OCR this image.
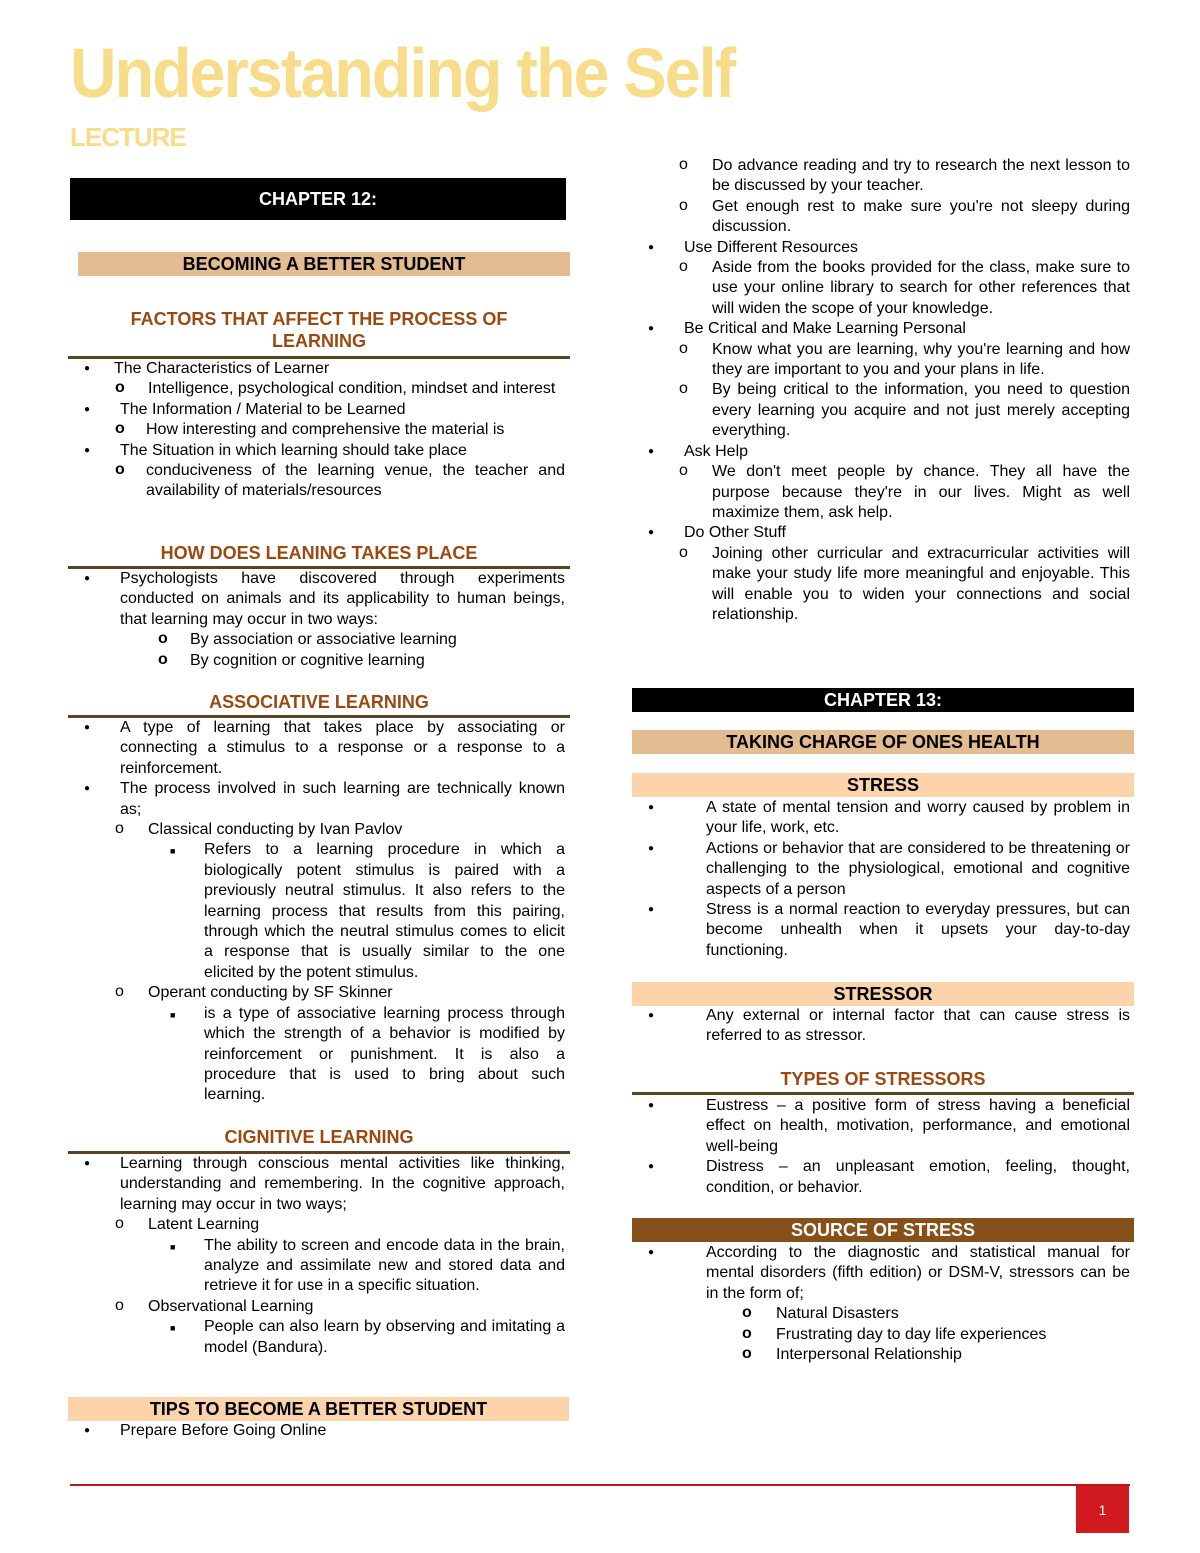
Understanding the Self
LECTURE
CHAPTER 12:
BECOMING A BETTER STUDENT
FACTORS THAT AFFECT THE PROCESS OF LEARNING
● The Characteristics of Learner
o Intelligence, psychological condition, mindset and interest
● The Information / Material to be Learned
o How interesting and comprehensive the material is
● The Situation in which learning should take place
o conduciveness of the learning venue, the teacher and availability of materials/resources
HOW DOES LEANING TAKES PLACE
● Psychologists have discovered through experiments conducted on animals and its applicability to human beings, that learning may occur in two ways:
o By association or associative learning
o By cognition or cognitive learning
ASSOCIATIVE LEARNING
● A type of learning that takes place by associating or connecting a stimulus to a response or a response to a reinforcement.
● The process involved in such learning are technically known as;
o Classical conducting by Ivan Pavlov
■ Refers to a learning procedure in which a biologically potent stimulus is paired with a previously neutral stimulus. It also refers to the learning process that results from this pairing, through which the neutral stimulus comes to elicit a response that is usually similar to the one elicited by the potent stimulus.
o Operant conducting by SF Skinner
■ is a type of associative learning process through which the strength of a behavior is modified by reinforcement or punishment. It is also a procedure that is used to bring about such learning.
CIGNITIVE LEARNING
● Learning through conscious mental activities like thinking, understanding and remembering. In the cognitive approach, learning may occur in two ways;
o Latent Learning
■ The ability to screen and encode data in the brain, analyze and assimilate new and stored data and retrieve it for use in a specific situation.
o Observational Learning
■ People can also learn by observing and imitating a model (Bandura).
TIPS TO BECOME A BETTER STUDENT
● Prepare Before Going Online
o Do advance reading and try to research the next lesson to be discussed by your teacher.
o Get enough rest to make sure you're not sleepy during discussion.
● Use Different Resources
o Aside from the books provided for the class, make sure to use your online library to search for other references that will widen the scope of your knowledge.
● Be Critical and Make Learning Personal
o Know what you are learning, why you're learning and how they are important to you and your plans in life.
o By being critical to the information, you need to question every learning you acquire and not just merely accepting everything.
● Ask Help
o We don't meet people by chance. They all have the purpose because they're in our lives. Might as well maximize them, ask help.
● Do Other Stuff
o Joining other curricular and extracurricular activities will make your study life more meaningful and enjoyable. This will enable you to widen your connections and social relationship.
CHAPTER 13:
TAKING CHARGE OF ONES HEALTH
STRESS
● A state of mental tension and worry caused by problem in your life, work, etc.
● Actions or behavior that are considered to be threatening or challenging to the physiological, emotional and cognitive aspects of a person
● Stress is a normal reaction to everyday pressures, but can become unhealth when it upsets your day-to-day functioning.
STRESSOR
● Any external or internal factor that can cause stress is referred to as stressor.
TYPES OF STRESSORS
● Eustress – a positive form of stress having a beneficial effect on health, motivation, performance, and emotional well-being
● Distress – an unpleasant emotion, feeling, thought, condition, or behavior.
SOURCE OF STRESS
● According to the diagnostic and statistical manual for mental disorders (fifth edition) or DSM-V, stressors can be in the form of;
o Natural Disasters
o Frustrating day to day life experiences
o Interpersonal Relationship
1
